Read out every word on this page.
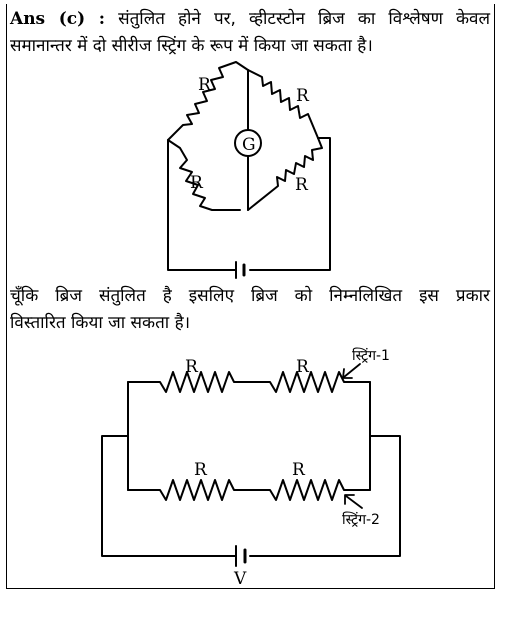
Ans (c) : संतुलित होने पर, व्हीटस्टोन ब्रिज का विश्लेषण केवल
समानान्तर में दो सीरीज स्ट्रिंग के रूप में किया जा सकता है।

चूँकि ब्रिज संतुलित है इसलिए ब्रिज को निम्नलिखित इस प्रकार
विस्तारित किया जा सकता है।

G
R
R
R	R
V
R	R
R	R
स्ट्रिंग-1
स्ट्रिंग-2
